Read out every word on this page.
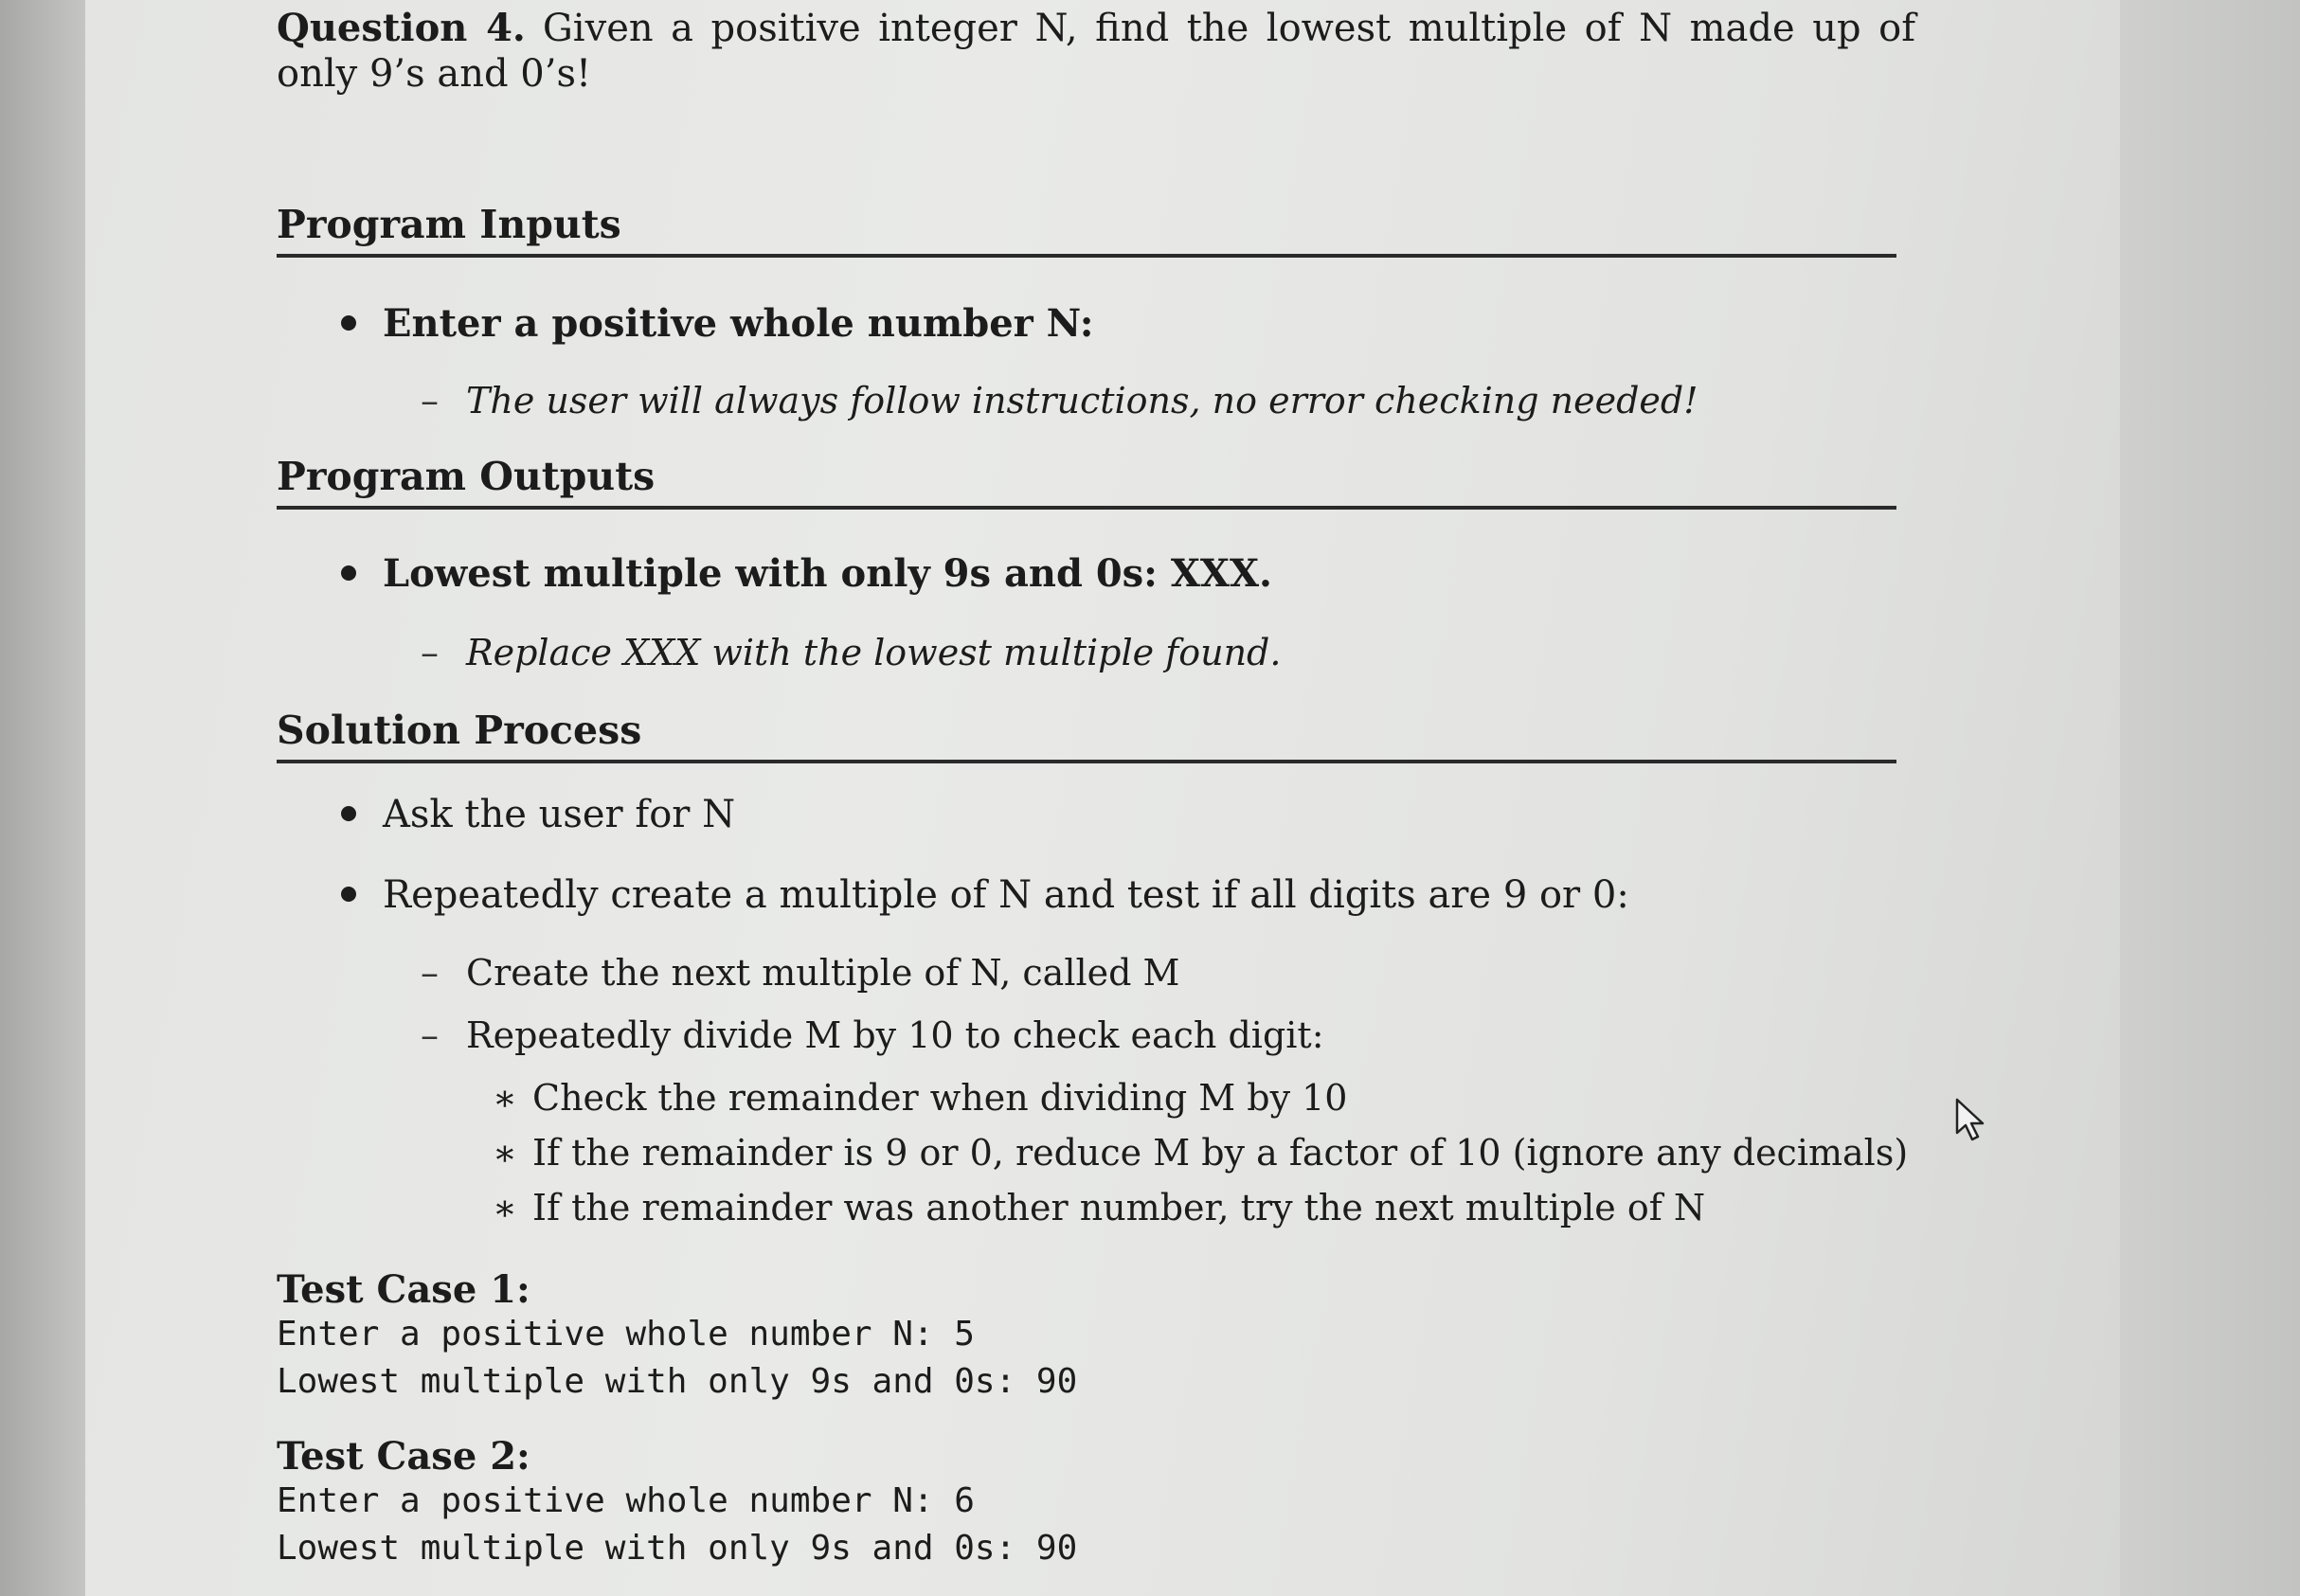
Question 4. Given a positive integer N, find the lowest multiple of N made up of only 9’s and 0’s!
Program Inputs
Enter a positive whole number N:
– The user will always follow instructions, no error checking needed!
Program Outputs
Lowest multiple with only 9s and 0s: XXX.
– Replace XXX with the lowest multiple found.
Solution Process
Ask the user for N
Repeatedly create a multiple of N and test if all digits are 9 or 0:
– Create the next multiple of N, called M
– Repeatedly divide M by 10 to check each digit:
∗ Check the remainder when dividing M by 10
∗ If the remainder is 9 or 0, reduce M by a factor of 10 (ignore any decimals)
∗ If the remainder was another number, try the next multiple of N
Test Case 1:
Enter a positive whole number N: 5
Lowest multiple with only 9s and 0s: 90
Test Case 2:
Enter a positive whole number N: 6
Lowest multiple with only 9s and 0s: 90
